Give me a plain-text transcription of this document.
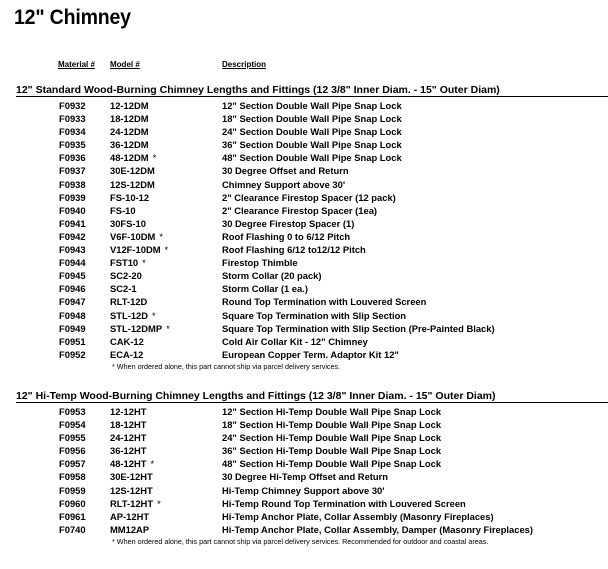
12" Chimney
Material # Model #	Description
12" Standard Wood-Burning Chimney Lengths and Fittings (12 3/8" Inner Diam. - 15" Outer Diam)
F0932	12-12DM	12" Section Double Wall Pipe Snap Lock
F0933	18-12DM	18" Section Double Wall Pipe Snap Lock
F0934	24-12DM	24" Section Double Wall Pipe Snap Lock
F0935	36-12DM	36" Section Double Wall Pipe Snap Lock
F0936	48-12DM *	48" Section Double Wall Pipe Snap Lock
F0937	30E-12DM	30 Degree Offset and Return
F0938	12S-12DM	Chimney Support above 30'
F0939	FS-10-12	2" Clearance Firestop Spacer (12 pack)
F0940	FS-10	2" Clearance Firestop Spacer (1ea)
F0941	30FS-10	30 Degree Firestop Spacer (1)
F0942	V6F-10DM *	Roof Flashing 0 to 6/12 Pitch
F0943	V12F-10DM *	Roof Flashing 6/12 to12/12 Pitch
F0944	FST10 *	Firestop Thimble
F0945	SC2-20	Storm Collar (20 pack)
F0946	SC2-1	Storm Collar (1 ea.)
F0947	RLT-12D	Round Top Termination with Louvered Screen
F0948	STL-12D *	Square Top Termination with Slip Section
F0949	STL-12DMP *	Square Top Termination with Slip Section (Pre-Painted Black)
F0951	CAK-12	Cold Air Collar Kit - 12" Chimney
F0952	ECA-12	European Copper Term. Adaptor Kit 12"
* When ordered alone, this part cannot ship via parcel delivery services.
12" Hi-Temp Wood-Burning Chimney Lengths and Fittings (12 3/8" Inner Diam. - 15" Outer Diam)
F0953	12-12HT	12" Section Hi-Temp Double Wall Pipe Snap Lock
F0954	18-12HT	18" Section Hi-Temp Double Wall Pipe Snap Lock
F0955	24-12HT	24" Section Hi-Temp Double Wall Pipe Snap Lock
F0956	36-12HT	36" Section Hi-Temp Double Wall Pipe Snap Lock
F0957	48-12HT *	48" Section Hi-Temp Double Wall Pipe Snap Lock
F0958	30E-12HT	30 Degree Hi-Temp Offset and Return
F0959	12S-12HT	Hi-Temp Chimney Support above 30'
F0960	RLT-12HT *	Hi-Temp Round Top Termination with Louvered Screen
F0961	AP-12HT	Hi-Temp Anchor Plate, Collar Assembly (Masonry Fireplaces)
F0740	MM12AP	Hi-Temp Anchor Plate, Collar Assembly, Damper (Masonry Fireplaces)
* When ordered alone, this part cannot ship via parcel delivery services. Recommended for outdoor and coastal areas.
